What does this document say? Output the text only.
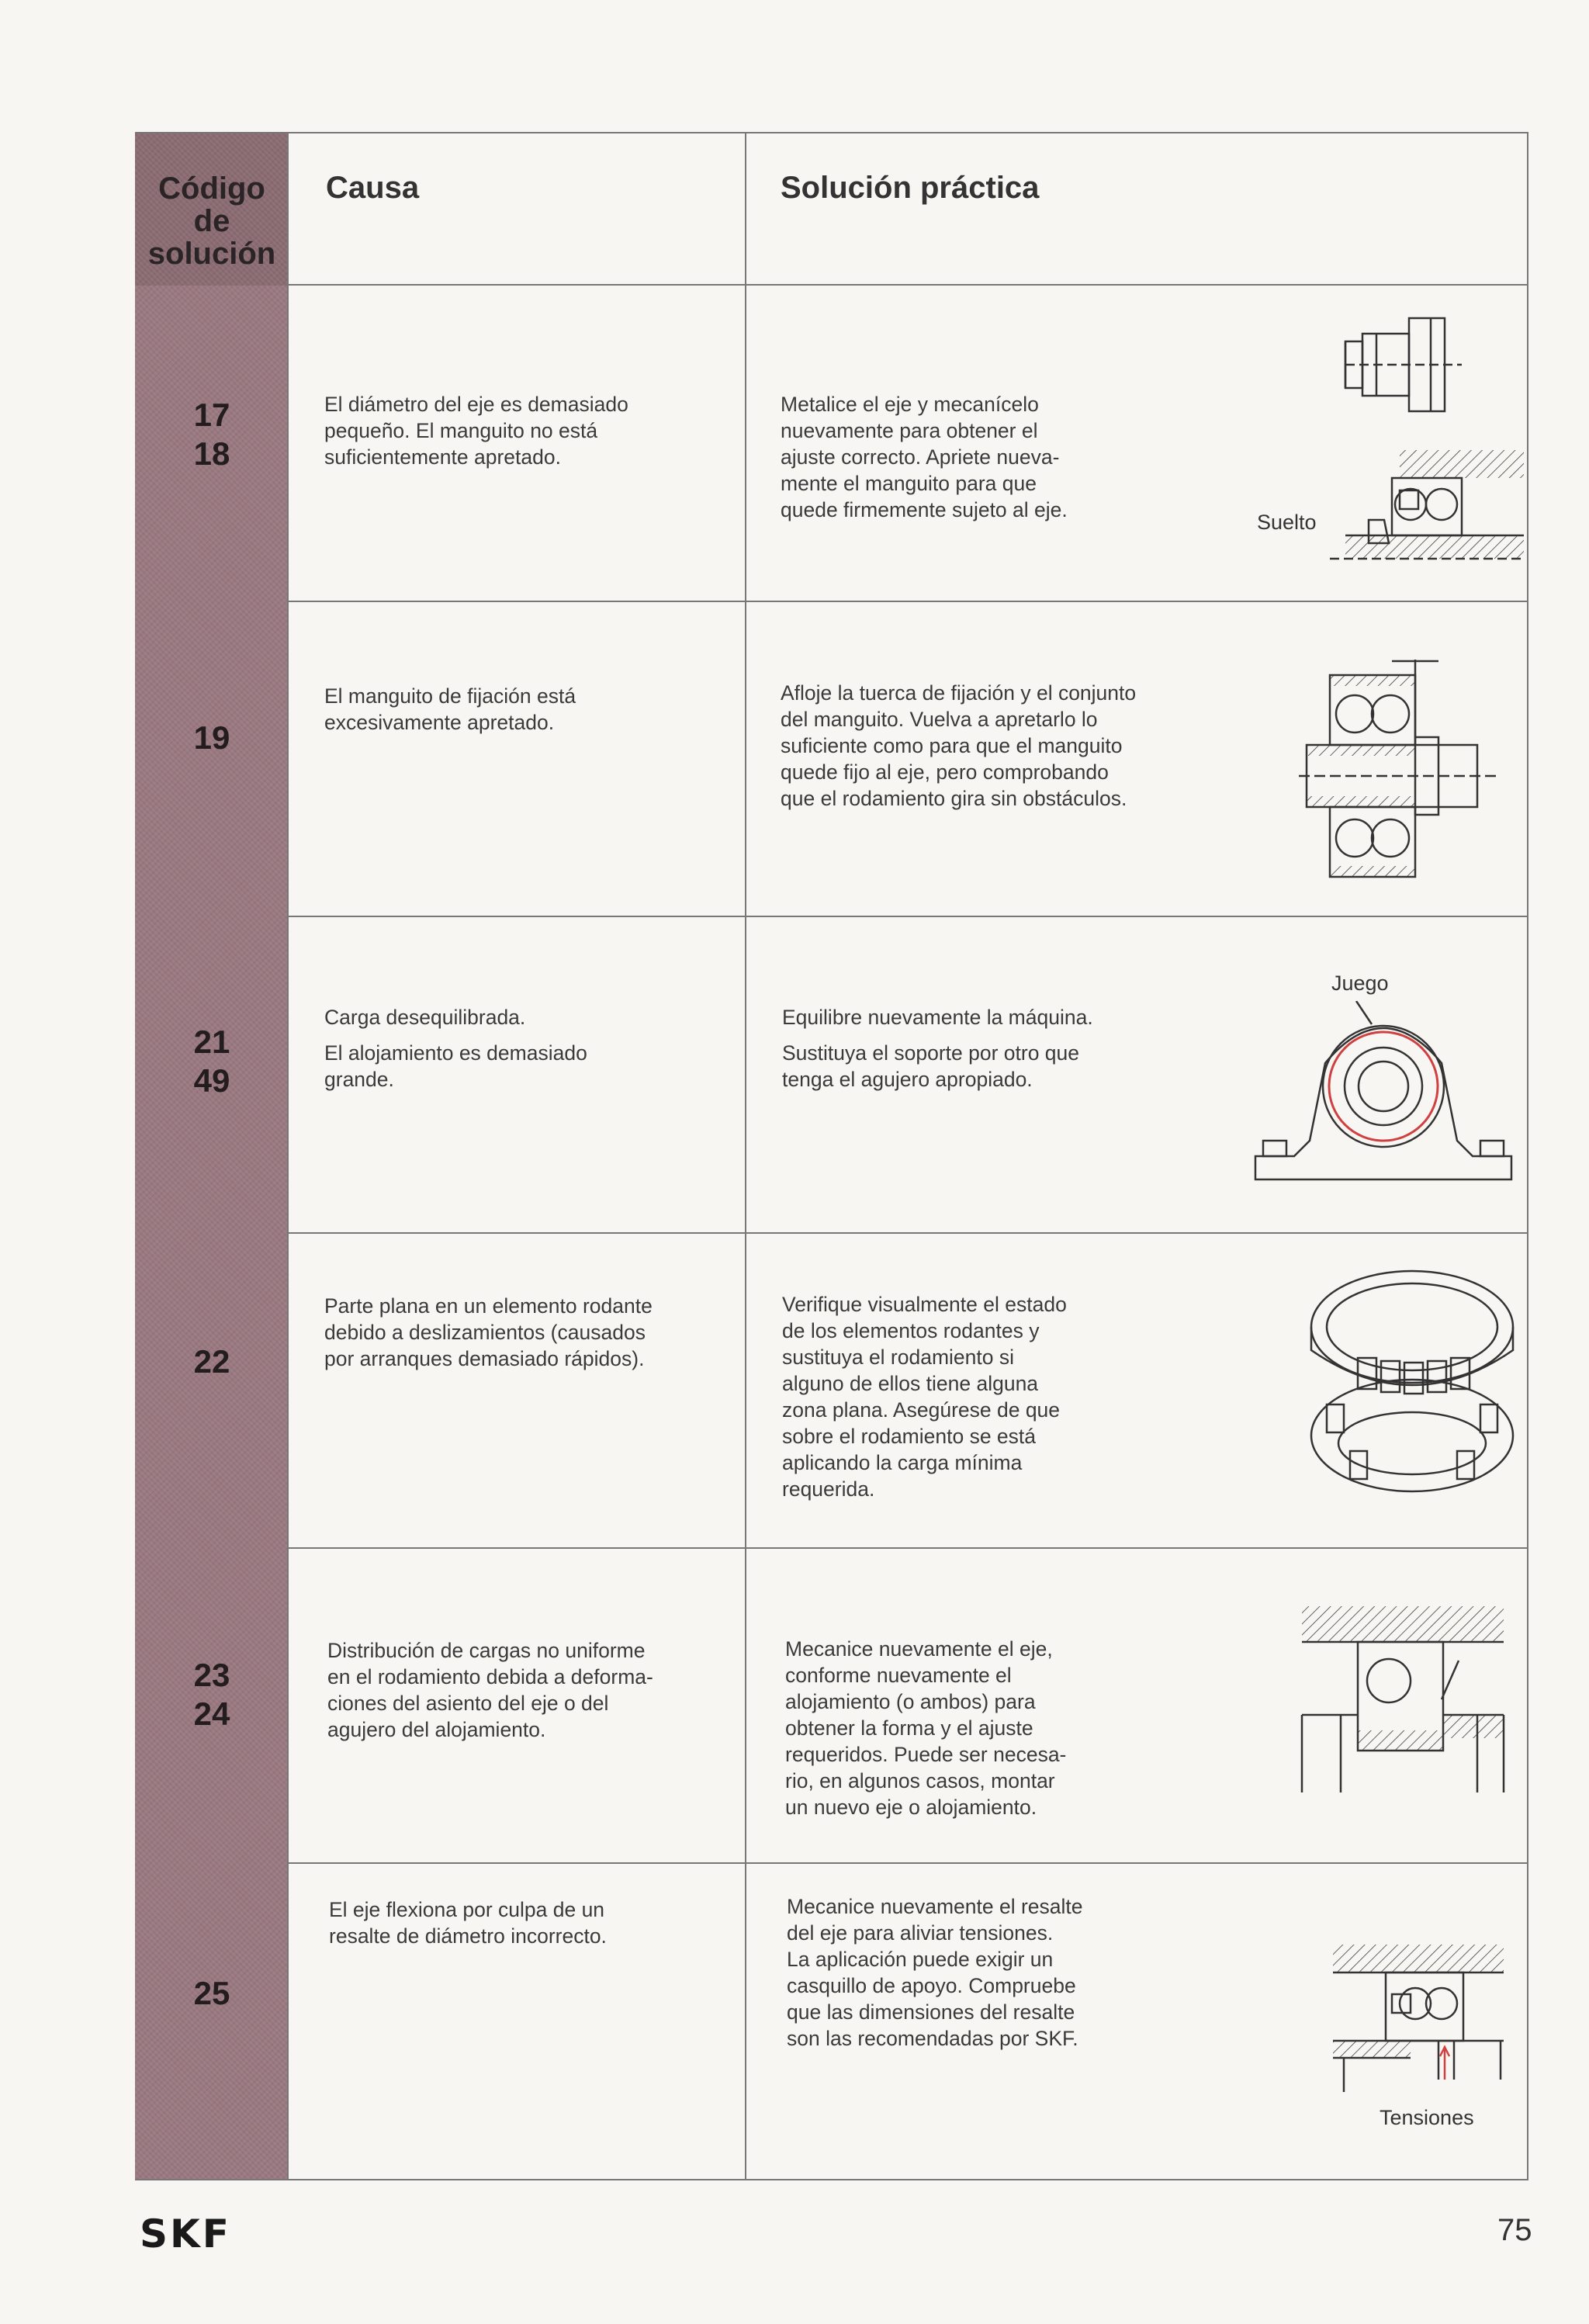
Código
de
solución
Causa	Solución práctica
17
18
El diámetro del eje es demasiado
pequeño. El manguito no está
suficientemente apretado.
Metalice el eje y mecanícelo
nuevamente para obtener el
ajuste correcto. Apriete nueva-
mente el manguito para que
quede firmemente sujeto al eje.
Suelto
19
El manguito de fijación está
excesivamente apretado.
Afloje la tuerca de fijación y el conjunto
del manguito. Vuelva a apretarlo lo
suficiente como para que el manguito
quede fijo al eje, pero comprobando
que el rodamiento gira sin obstáculos.
21
49
Carga desequilibrada.
El alojamiento es demasiado
grande.
Equilibre nuevamente la máquina.
Sustituya el soporte por otro que
tenga el agujero apropiado.
Juego
22
Parte plana en un elemento rodante
debido a deslizamientos (causados
por arranques demasiado rápidos).
Verifique visualmente el estado
de los elementos rodantes y
sustituya el rodamiento si
alguno de ellos tiene alguna
zona plana. Asegúrese de que
sobre el rodamiento se está
aplicando la carga mínima
requerida.
23
24
Distribución de cargas no uniforme
en el rodamiento debida a deforma-
ciones del asiento del eje o del
agujero del alojamiento.
Mecanice nuevamente el eje,
conforme nuevamente el
alojamiento (o ambos) para
obtener la forma y el ajuste
requeridos. Puede ser necesa-
rio, en algunos casos, montar
un nuevo eje o alojamiento.
25
El eje flexiona por culpa de un
resalte de diámetro incorrecto.
Mecanice nuevamente el resalte
del eje para aliviar tensiones.
La aplicación puede exigir un
casquillo de apoyo. Compruebe
que las dimensiones del resalte
son las recomendadas por SKF.
Tensiones
SKF	75
